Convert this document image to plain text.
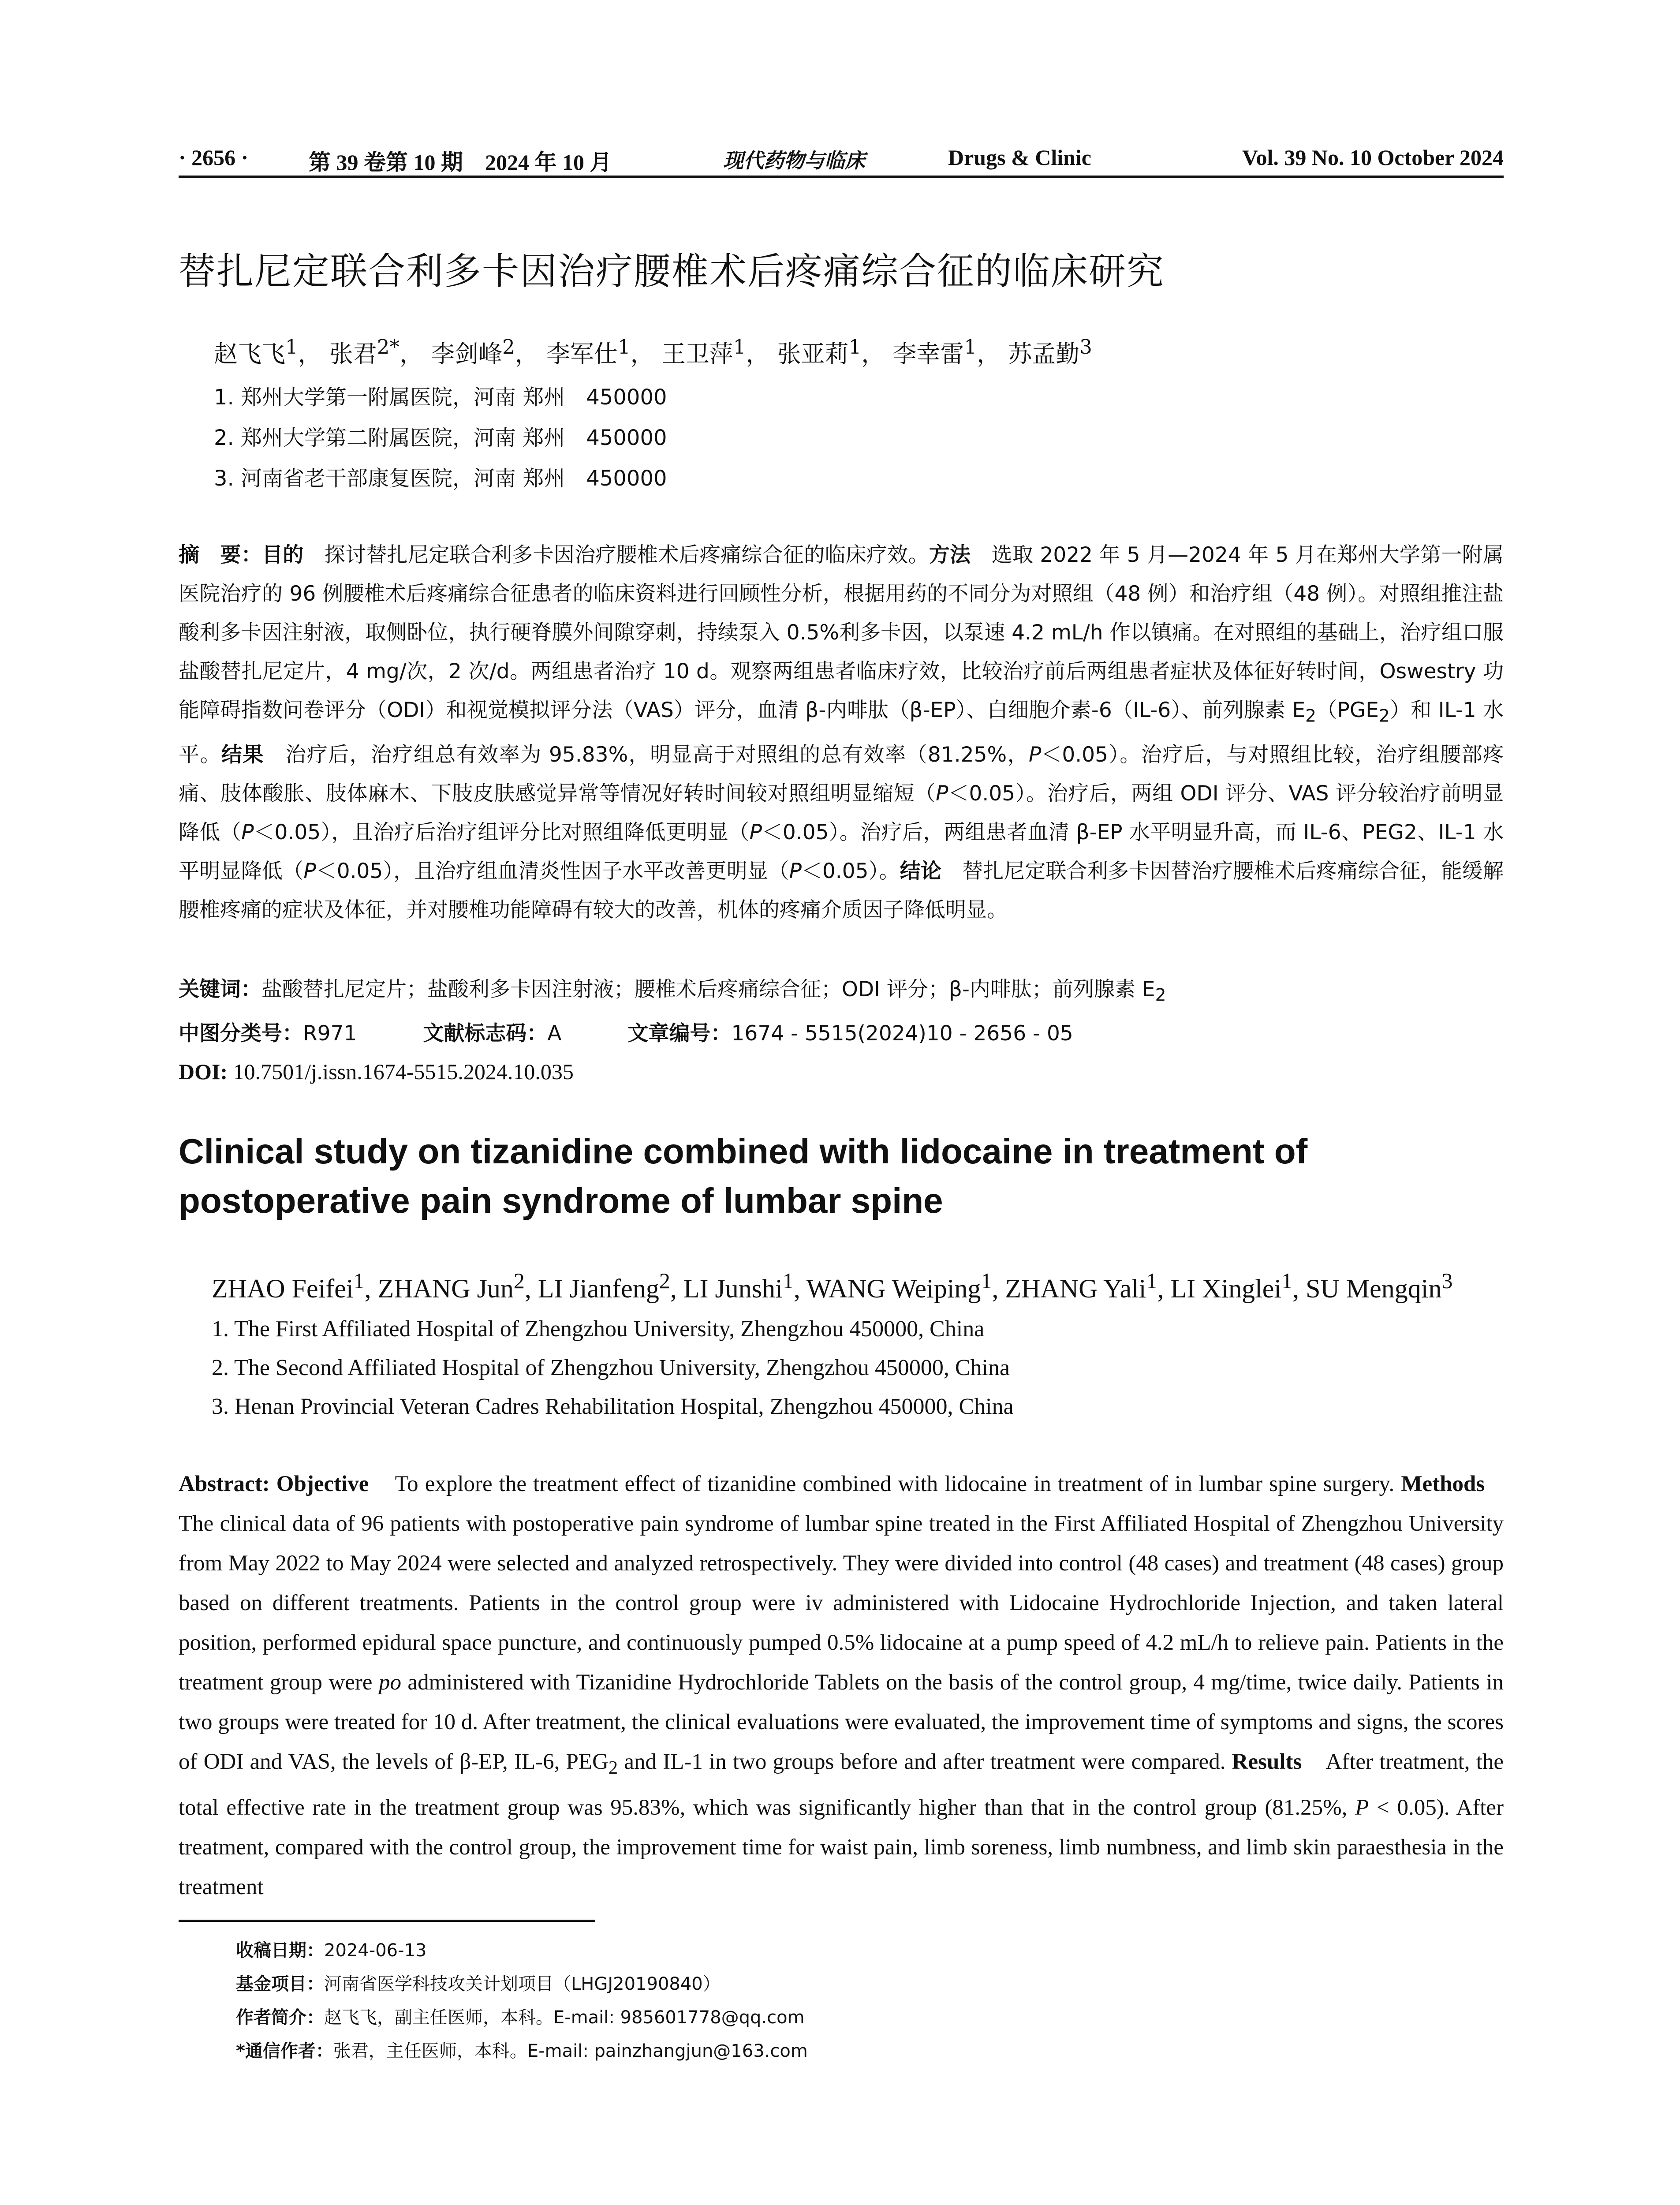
· 2656 ·	第 39 卷第 10 期　2024 年 10 月	现代药物与临床	Drugs & Clinic	Vol. 39 No. 10 October 2024
替扎尼定联合利多卡因治疗腰椎术后疼痛综合征的临床研究
赵飞飞$^1$， 张君$^{2*}$， 李剑峰$^2$， 李军仕$^1$， 王卫萍$^1$， 张亚莉$^1$， 李幸雷$^1$， 苏孟勤$^3$
1. 郑州大学第一附属医院，河南 郑州　450000
2. 郑州大学第二附属医院，河南 郑州　450000
3. 河南省老干部康复医院，河南 郑州　450000
摘　要：目的　 探讨替扎尼定联合利多卡因治疗腰椎术后疼痛综合征的临床疗效。方法　 选取 2022 年 5 月—2024 年 5 月在郑州大学第一附属医院治疗的 96 例腰椎术后疼痛综合征患者的临床资料进行回顾性分析，根据用药的不同分为对照组（48 例）和治疗组（48 例）。对照组推注盐酸利多卡因注射液，取侧卧位，执行硬脊膜外间隙穿刺，持续泵入 0.5%利多卡因，以泵速 4.2 mL/h 作以镇痛。在对照组的基础上，治疗组口服盐酸替扎尼定片，4 mg/次，2 次/d。两组患者治疗 10 d。观察两组患者临床疗效，比较治疗前后两组患者症状及体征好转时间，Oswestry 功能障碍指数问卷评分（ODI）和视觉模拟评分法（VAS）评分，血清 β-内啡肽（β-EP）、白细胞介素-6（IL-6）、前列腺素 $E_2(PGE_2)$和 IL-1 水平。结果　 治疗后，治疗组总有效率为 95.83%，明显高于对照组的总有效率（81.25%，P＜0.05）。治疗后，与对照组比较，治疗组腰部疼痛、肢体酸胀、肢体麻木、下肢皮肤感觉异常等情况好转时间较对照组明显缩短（P＜0.05）。治疗后，两组 ODI 评分、VAS 评分较治疗前明显降低（P＜0.05），且治疗后治疗组评分比对照组降低更明显（P＜0.05）。治疗后，两组患者血清 β-EP 水平明显升高，而 IL-6、PEG2、IL-1 水平明显降低（P＜0.05），且治疗组血清炎性因子水平改善更明显（P＜0.05）。结论　 替扎尼定联合利多卡因替治疗腰椎术后疼痛综合征，能缓解腰椎疼痛的症状及体征，并对腰椎功能障碍有较大的改善，机体的疼痛介质因子降低明显。
关键词：盐酸替扎尼定片；盐酸利多卡因注射液；腰椎术后疼痛综合征；ODI 评分；β-内啡肽；前列腺素 $E_2$
中图分类号：R971	文献标志码：A	文章编号：1674 - 5515(2024)10 - 2656 - 05
DOI: 10.7501/j.issn.1674-5515.2024.10.035
Clinical study on tizanidine combined with lidocaine in treatment of postoperative pain syndrome of lumbar spine
ZHAO Feifei$^1$, ZHANG Jun$^2$, LI Jianfeng$^2$, LI Junshi$^1$, WANG Weiping$^1$, ZHANG Yali$^1$, LI Xinglei$^1$, SU Mengqin$^3$
1. The First Affiliated Hospital of Zhengzhou University, Zhengzhou 450000, China
2. The Second Affiliated Hospital of Zhengzhou University, Zhengzhou 450000, China
3. Henan Provincial Veteran Cadres Rehabilitation Hospital, Zhengzhou 450000, China
Abstract: Objective To explore the treatment effect of tizanidine combined with lidocaine in treatment of in lumbar spine surgery. Methods    The clinical data of 96 patients with postoperative pain syndrome of lumbar spine treated in the First Affiliated Hospital of Zhengzhou University from May 2022 to May 2024 were selected and analyzed retrospectively. They were divided into control (48 cases) and treatment (48 cases) group based on different treatments. Patients in the control group were iv administered with Lidocaine Hydrochloride Injection, and taken lateral position, performed epidural space puncture, and continuously pumped 0.5% lidocaine at a pump speed of 4.2 mL/h to relieve pain. Patients in the treatment group were po administered with Tizanidine Hydrochloride Tablets on the basis of the control group, 4 mg/time, twice daily. Patients in two groups were treated for 10 d. After treatment, the clinical evaluations were evaluated, the improvement time of symptoms and signs, the scores of ODI and VAS, the levels of β-EP, IL-6, $PEG_2$ and IL-1 in two groups before and after treatment were compared. Results After treatment, the total effective rate in the treatment group was 95.83%, which was significantly higher than that in the control group (81.25%, P < 0.05). After treatment, compared with the control group, the improvement time for waist pain, limb soreness, limb numbness, and limb skin paraesthesia in the treatment
收稿日期：2024-06-13
基金项目：河南省医学科技攻关计划项目（LHGJ20190840）
作者简介：赵飞飞，副主任医师，本科。E-mail: 985601778@qq.com
*通信作者：张君，主任医师，本科。E-mail: painzhangjun@163.com
